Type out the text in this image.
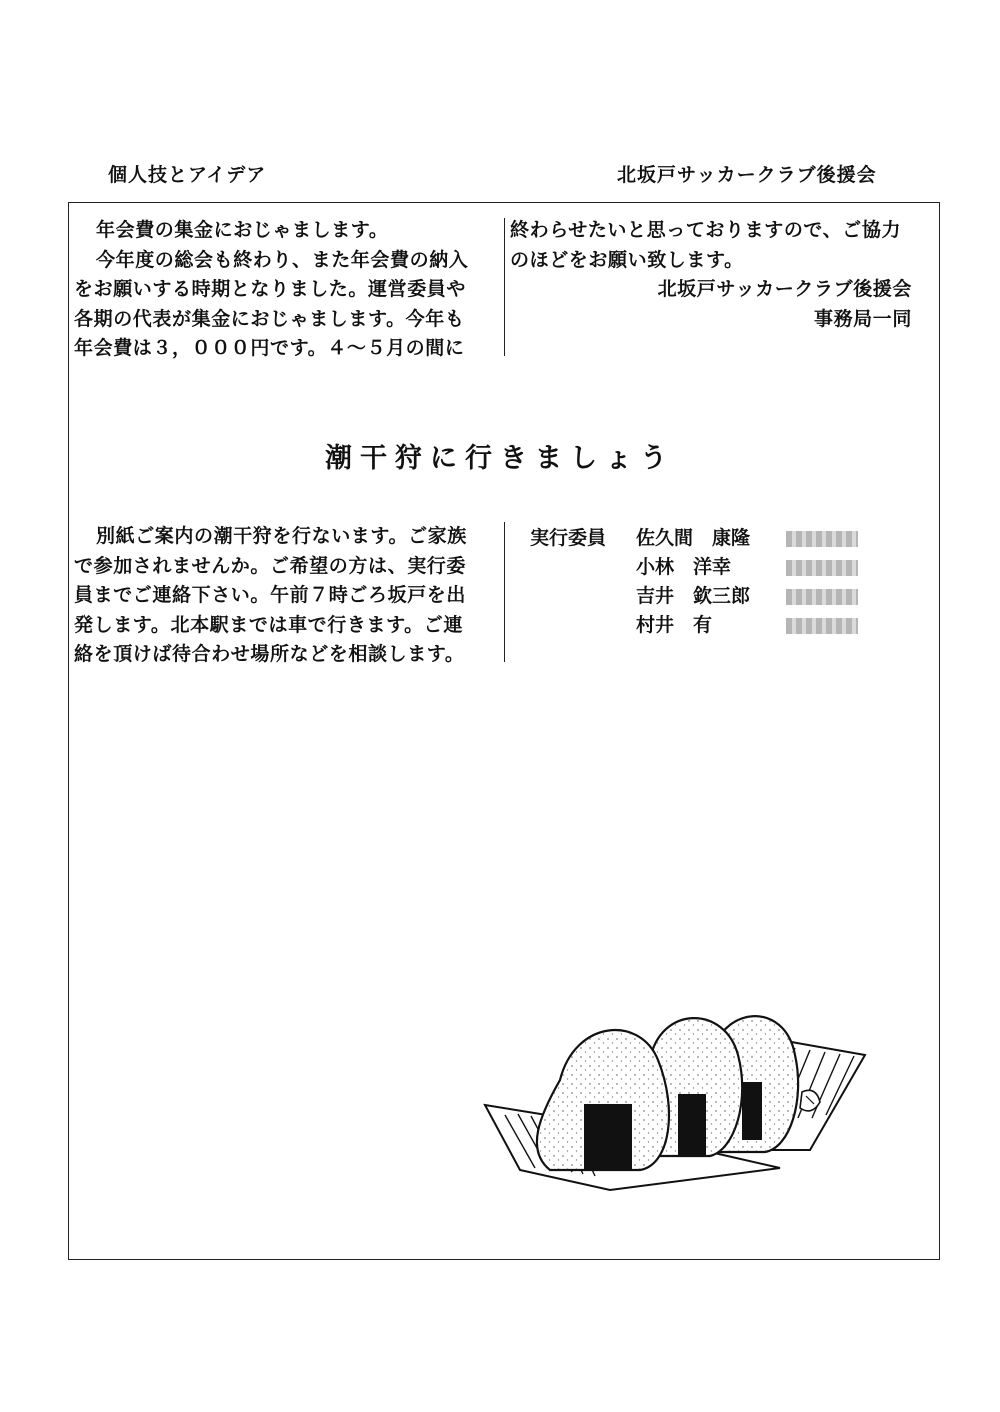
個人技とアイデア	北坂戸サッカークラブ後援会

年会費の集金におじゃまします。

今年度の総会も終わり、また年会費の納入

をお願いする時期となりました。運営委員や

各期の代表が集金におじゃまします。今年も

年会費は３，０００円です。４～５月の間に

終わらせたいと思っておりますので、ご協力

のほどをお願い致します。

北坂戸サッカークラブ後援会

事務局一同

潮干狩に行きましょう

別紙ご案内の潮干狩を行ないます。ご家族

で参加されませんか。ご希望の方は、実行委

員までご連絡下さい。午前７時ごろ坂戸を出

発します。北本駅までは車で行きます。ご連

絡を頂けば待合わせ場所などを相談します。

実行委員	佐久間　康隆
小林　洋幸
吉井　欽三郎
村井　有
